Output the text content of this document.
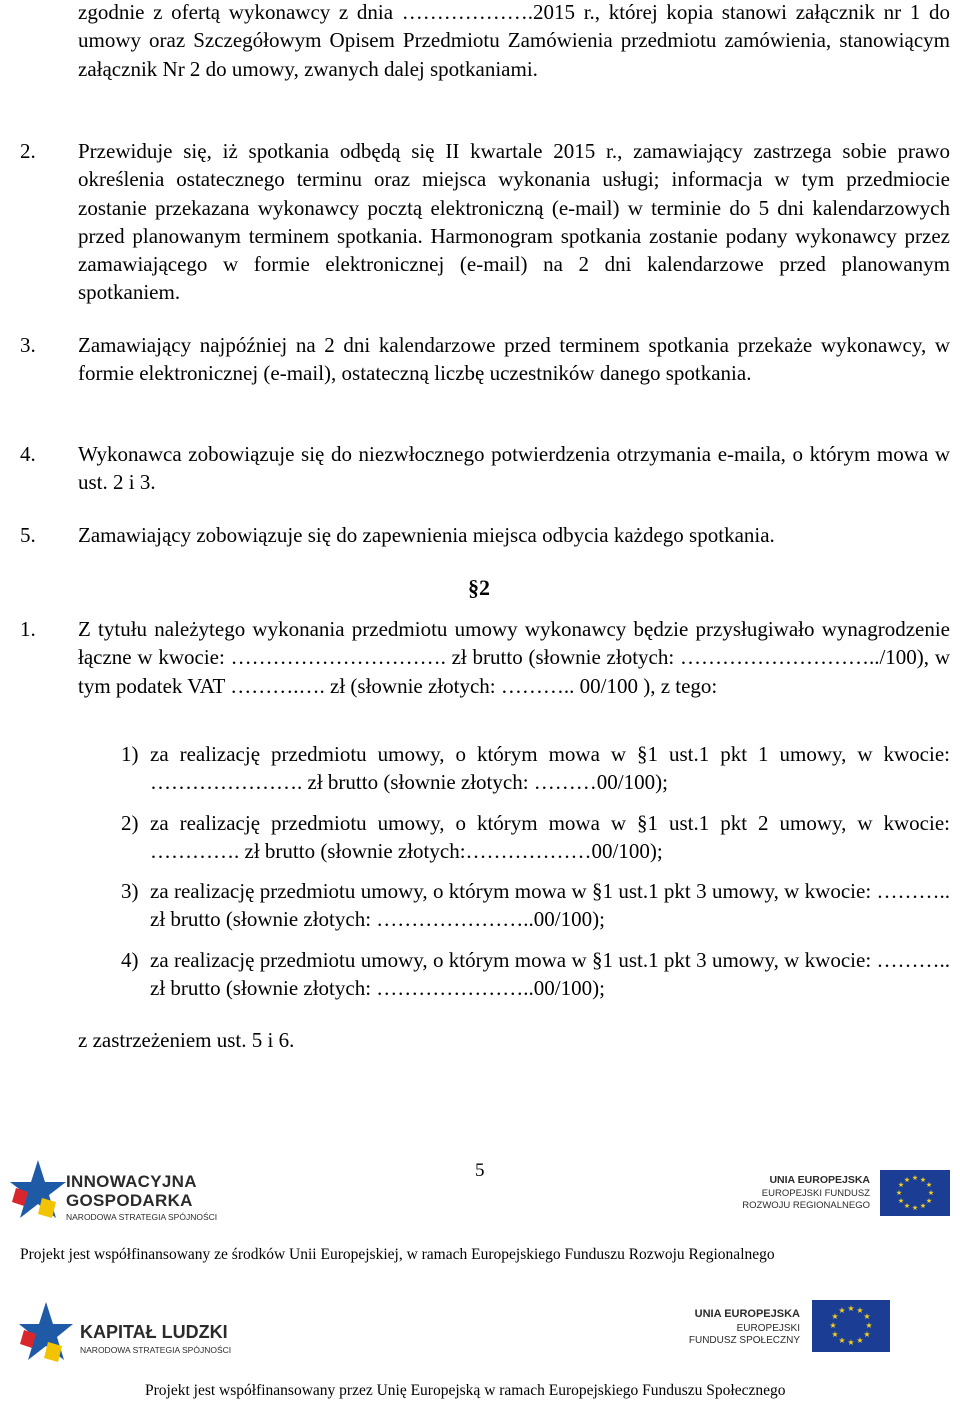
zgodnie z ofertą wykonawcy z dnia ……………….2015 r., której kopia stanowi załącznik nr 1 do umowy oraz Szczegółowym Opisem Przedmiotu Zamówienia przedmiotu zamówienia, stanowiącym załącznik Nr 2 do umowy, zwanych dalej spotkaniami.

2.	Przewiduje się, iż spotkania odbędą się II kwartale 2015 r., zamawiający zastrzega sobie prawo określenia ostatecznego terminu oraz miejsca wykonania usługi; informacja w tym przedmiocie zostanie przekazana wykonawcy pocztą elektroniczną (e-mail) w terminie do 5 dni kalendarzowych przed planowanym terminem spotkania. Harmonogram spotkania zostanie podany wykonawcy przez zamawiającego w formie elektronicznej (e-mail) na 2 dni kalendarzowe przed planowanym spotkaniem.
3.	Zamawiający najpóźniej na 2 dni kalendarzowe przed terminem spotkania przekaże wykonawcy, w formie elektronicznej (e-mail), ostateczną liczbę uczestników danego spotkania.
4.	Wykonawca zobowiązuje się do niezwłocznego potwierdzenia otrzymania e-maila, o którym mowa w ust. 2 i 3.
5.	Zamawiający zobowiązuje się do zapewnienia miejsca odbycia każdego spotkania.
§2
1.	Z tytułu należytego wykonania przedmiotu umowy wykonawcy będzie przysługiwało wynagrodzenie łączne w kwocie: …………………………. zł brutto (słownie złotych: ………………………../100), w tym podatek VAT ……….…. zł (słownie złotych: ……….. 00/100 ), z tego:
1) za realizację przedmiotu umowy, o którym mowa w §1 ust.1 pkt 1 umowy, w kwocie: …………………. zł brutto (słownie złotych: ………00/100);
2) za realizację przedmiotu umowy, o którym mowa w §1 ust.1 pkt 2 umowy, w kwocie: …………. zł brutto (słownie złotych:………………00/100);
3) za realizację przedmiotu umowy, o którym mowa w §1 ust.1 pkt 3 umowy, w kwocie: ……….. zł brutto (słownie złotych: …………………..00/100);
4) za realizację przedmiotu umowy, o którym mowa w §1 ust.1 pkt 3 umowy, w kwocie: ……….. zł brutto (słownie złotych: …………………..00/100);
z zastrzeżeniem ust. 5 i 6.
5
INNOWACYJNA
GOSPODARKA
NARODOWA STRATEGIA SPÓJNOŚCI
UNIA EUROPEJSKA
EUROPEJSKI FUNDUSZ
ROZWOJU REGIONALNEGO
★ ★
★
★
★
★
★
★
★
★
★
★
Projekt jest współfinansowany ze środków Unii Europejskiej, w ramach Europejskiego Funduszu Rozwoju Regionalnego
KAPITAŁ LUDZKI
NARODOWA STRATEGIA SPÓJNOŚCI
UNIA EUROPEJSKA
EUROPEJSKI
FUNDUSZ SPOŁECZNY
★ ★
★
★
★
★
★
★
★
★
★
★
Projekt jest współfinansowany przez Unię Europejską w ramach Europejskiego Funduszu Społecznego
